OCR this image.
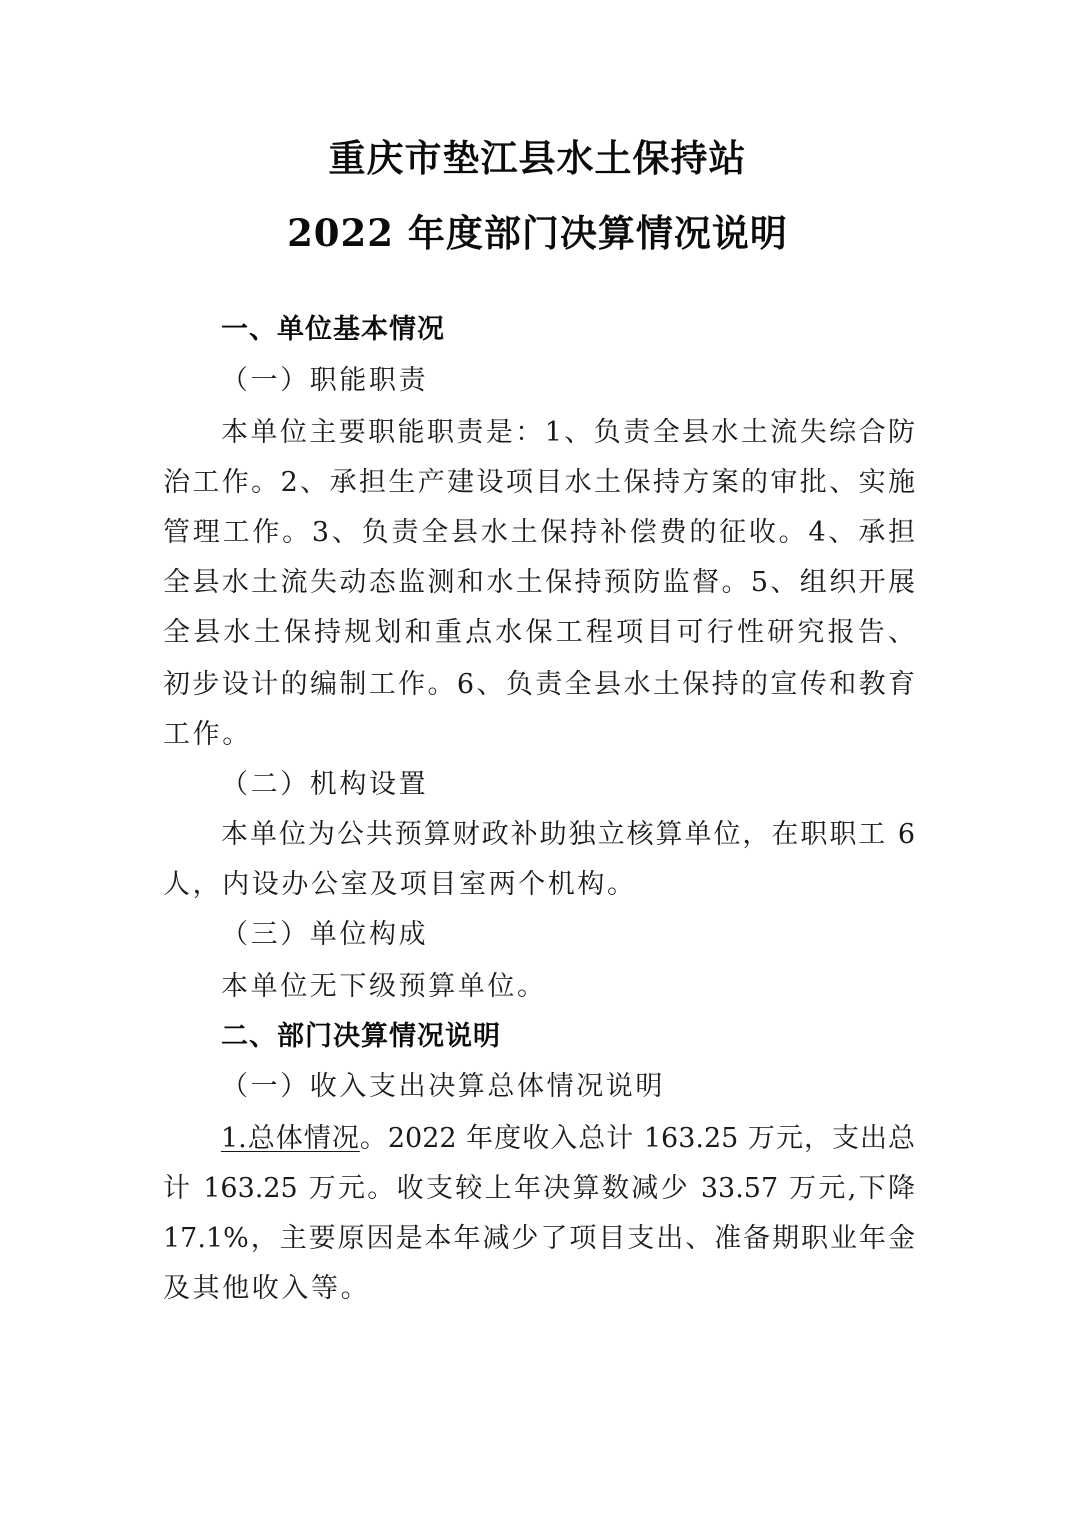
重庆市垫江县水土保持站
2022 年度部门决算情况说明
一、单位基本情况
（一）职能职责
本单位主要职能职责是：1、负责全县水土流失综合防
治工作。2、承担生产建设项目水土保持方案的审批、实施
管理工作。3、负责全县水土保持补偿费的征收。4、承担
全县水土流失动态监测和水土保持预防监督。5、组织开展
全县水土保持规划和重点水保工程项目可行性研究报告、
初步设计的编制工作。6、负责全县水土保持的宣传和教育
工作。
（二）机构设置
本单位为公共预算财政补助独立核算单位，在职职工 6
人，内设办公室及项目室两个机构。
（三）单位构成
本单位无下级预算单位。
二、部门决算情况说明
（一）收入支出决算总体情况说明
1.总体情况。2022 年度收入总计 163.25 万元，支出总
计 163.25 万元。收支较上年决算数减少 33.57 万元,下降
17.1%，主要原因是本年减少了项目支出、准备期职业年金
及其他收入等。
